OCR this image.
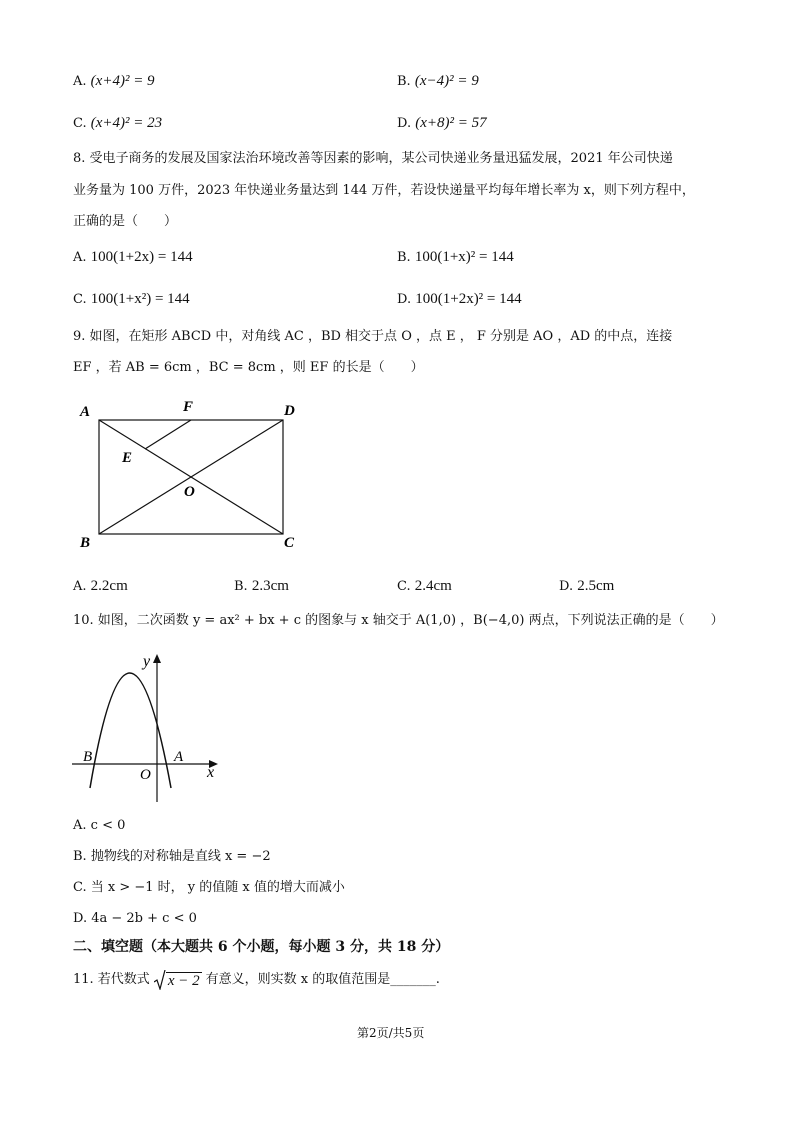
A. (x+4)² = 9	B. (x−4)² = 9
C. (x+4)² = 23	D. (x+8)² = 57
8. 受电子商务的发展及国家法治环境改善等因素的影响，某公司快递业务量迅猛发展，2021 年公司快递
业务量为 100 万件，2023 年快递业务量达到 144 万件，若设快递量平均每年增长率为 x，则下列方程中，
正确的是（　　）
A. 100(1+2x) = 144	B. 100(1+x)² = 144
C. 100(1+x²) = 144	D. 100(1+2x)² = 144
9. 如图，在矩形 ABCD 中，对角线 AC ，BD 相交于点 O ，点 E ， F 分别是 AO ，AD 的中点，连接
EF ，若 AB = 6cm ，BC = 8cm ，则 EF 的长是（　　）
A	F	D
E
O
B	C
A. 2.2cm	B. 2.3cm	C. 2.4cm	D. 2.5cm
10. 如图，二次函数 y = ax² + bx + c 的图象与 x 轴交于 A(1,0) ，B(−4,0) 两点，下列说法正确的是（　　）
y
x
O
A
B
A. c < 0
B. 抛物线的对称轴是直线 x = −2
C. 当 x > −1 时， y 的值随 x 值的增大而减小
D. 4a − 2b + c < 0
二、填空题（本大题共 6 个小题，每小题 3 分，共 18 分）
11. 若代数式 x − 2 有意义，则实数 x 的取值范围是_______.
第2页/共5页
